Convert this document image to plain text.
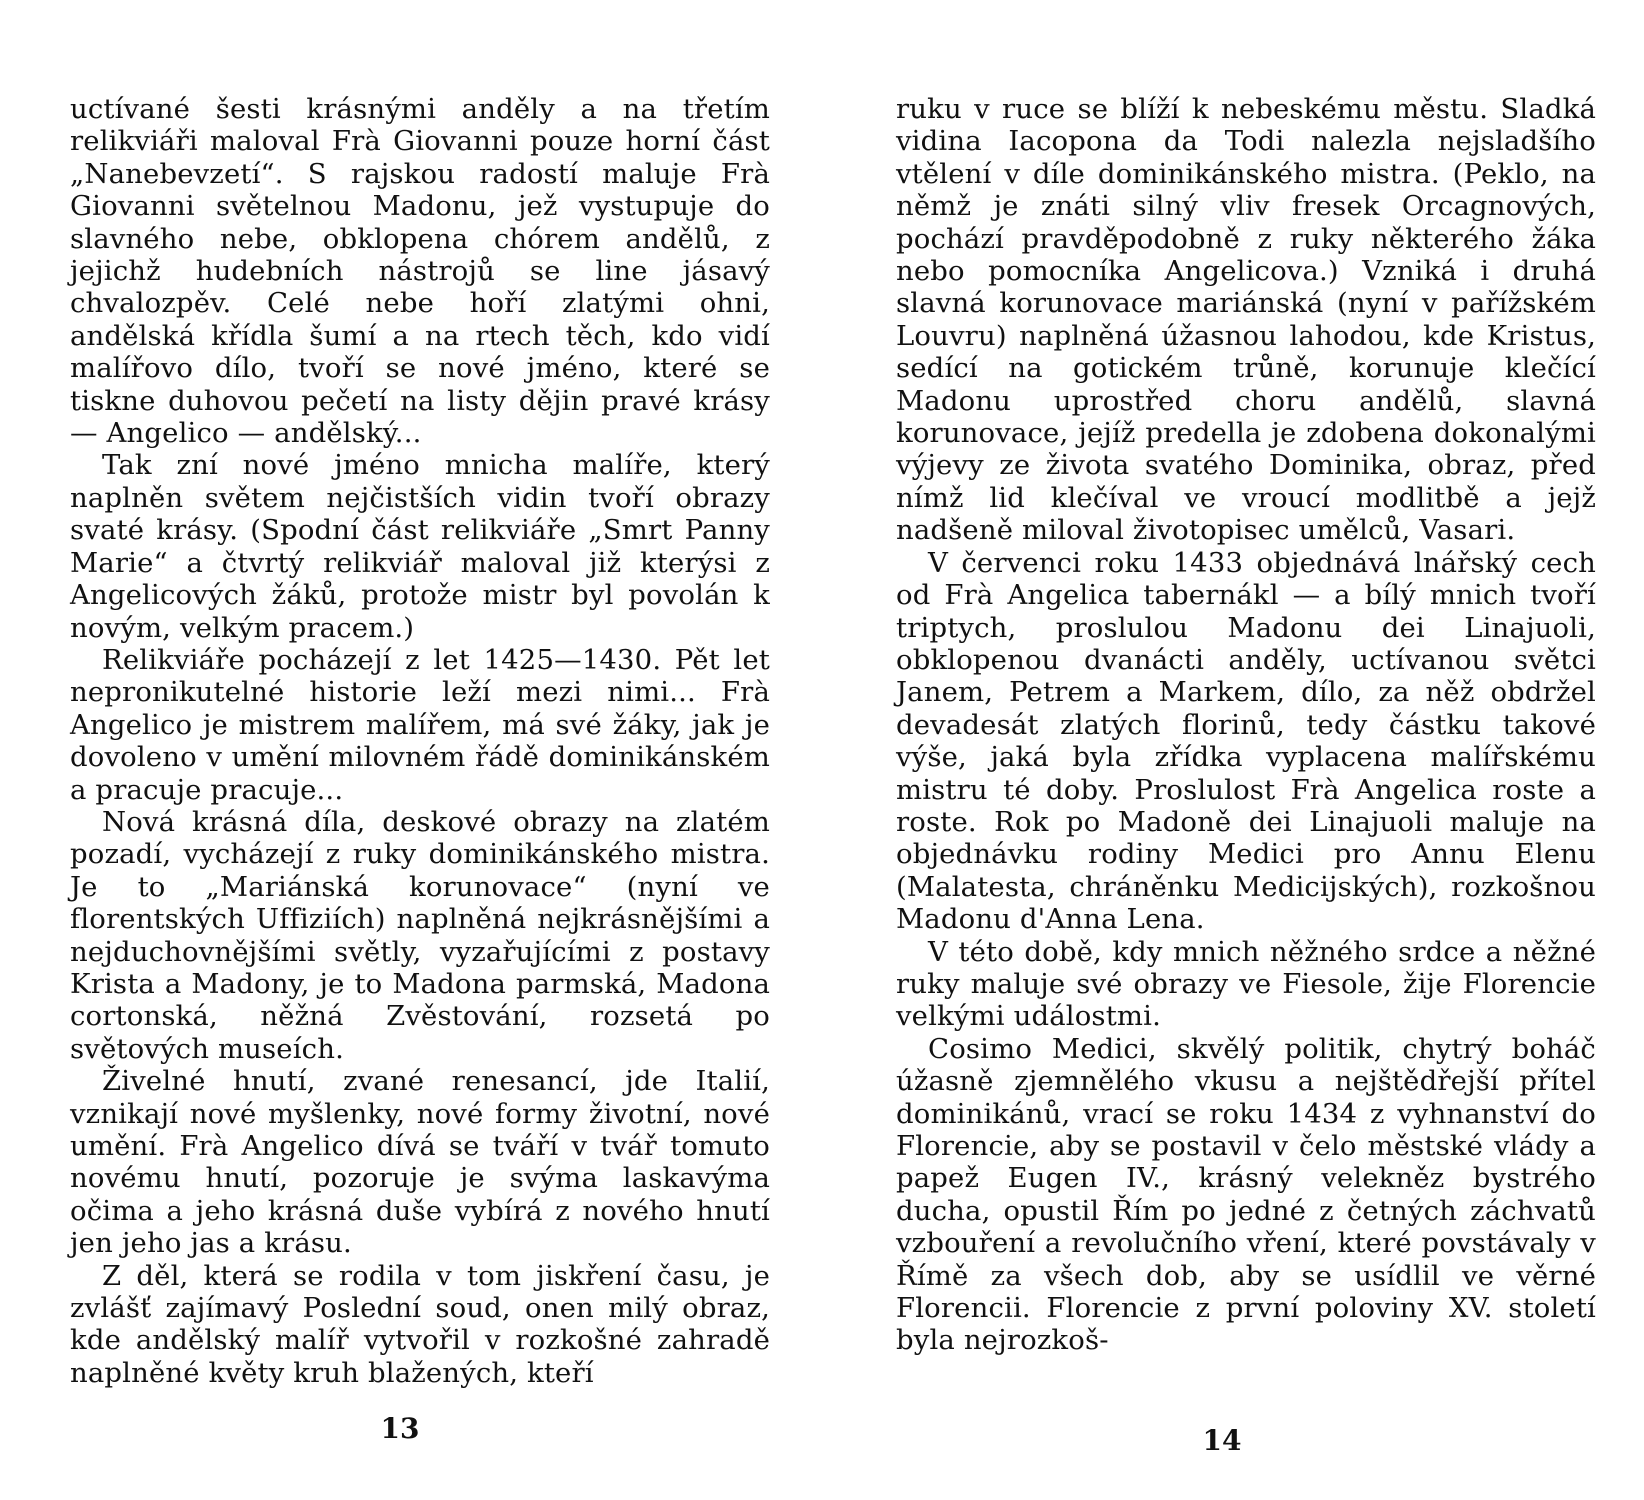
uctívané šesti krásnými anděly a na třetím relikviáři maloval Frà Giovanni pouze horní část „Nanebevzetí“. S rajskou radostí maluje Frà Giovanni světelnou Madonu, jež vystupuje do slavného nebe, obklopena chórem andělů, z jejichž hudebních nástrojů se line jásavý chvalozpěv. Celé nebe hoří zlatými ohni, andělská křídla šumí a na rtech těch, kdo vidí malířovo dílo, tvoří se nové jméno, které se tiskne duhovou pečetí na listy dějin pravé krásy — Angelico — andělský...

Tak zní nové jméno mnicha malíře, který naplněn světem nejčistších vidin tvoří obrazy svaté krásy. (Spodní část relikviáře „Smrt Panny Marie“ a čtvrtý relikviář maloval již kterýsi z Angelicových žáků, protože mistr byl povolán k novým, velkým pracem.)

Relikviáře pocházejí z let 1425—1430. Pět let nepronikutelné historie leží mezi nimi... Frà Angelico je mistrem malířem, má své žáky, jak je dovoleno v umění milovném řádě dominikánském a pracuje pracuje...

Nová krásná díla, deskové obrazy na zlatém pozadí, vycházejí z ruky dominikánského mistra. Je to „Mariánská korunovace“ (nyní ve florentských Uffiziích) naplněná nejkrásnějšími a nejduchovnějšími světly, vyzařujícími z postavy Krista a Madony, je to Madona parmská, Madona cortonská, něžná Zvěstování, rozsetá po světových museích.

Živelné hnutí, zvané renesancí, jde Italií, vznikají nové myšlenky, nové formy životní, nové umění. Frà Angelico dívá se tváří v tvář tomuto novému hnutí, pozoruje je svýma laskavýma očima a jeho krásná duše vybírá z nového hnutí jen jeho jas a krásu.

Z děl, která se rodila v tom jiskření času, je zvlášť zajímavý Poslední soud, onen milý obraz, kde andělský malíř vytvořil v rozkošné zahradě naplněné květy kruh blažených, kteří

13

ruku v ruce se blíží k nebeskému městu. Sladká vidina Iacopona da Todi nalezla nejsladšího vtělení v díle dominikánského mistra. (Peklo, na němž je znáti silný vliv fresek Orcagnových, pochází pravděpodobně z ruky některého žáka nebo pomocníka Angelicova.) Vzniká i druhá slavná korunovace mariánská (nyní v pařížském Louvru) naplněná úžasnou lahodou, kde Kristus, sedící na gotickém trůně, korunuje klečící Madonu uprostřed choru andělů, slavná korunovace, jejíž predella je zdobena dokonalými výjevy ze života svatého Dominika, obraz, před nímž lid klečíval ve vroucí modlitbě a jejž nadšeně miloval životopisec umělců, Vasari.

V červenci roku 1433 objednává lnářský cech od Frà Angelica tabernákl — a bílý mnich tvoří triptych, proslulou Madonu dei Linajuoli, obklopenou dvanácti anděly, uctívanou světci Janem, Petrem a Markem, dílo, za něž obdržel devadesát zlatých florinů, tedy částku takové výše, jaká byla zřídka vyplacena malířskému mistru té doby. Proslulost Frà Angelica roste a roste. Rok po Madoně dei Linajuoli maluje na objednávku rodiny Medici pro Annu Elenu (Malatesta, chráněnku Medicijských), rozkošnou Madonu d'Anna Lena.

V této době, kdy mnich něžného srdce a něžné ruky maluje své obrazy ve Fiesole, žije Florencie velkými událostmi.

Cosimo Medici, skvělý politik, chytrý boháč úžasně zjemnělého vkusu a nejštědřejší přítel dominikánů, vrací se roku 1434 z vyhnanství do Florencie, aby se postavil v čelo městské vlády a papež Eugen IV., krásný velekněz bystrého ducha, opustil Řím po jedné z četných záchvatů vzbouření a revolučního vření, které povstávaly v Římě za všech dob, aby se usídlil ve věrné Florencii. Florencie z první poloviny XV. století byla nejrozkoš-

14
